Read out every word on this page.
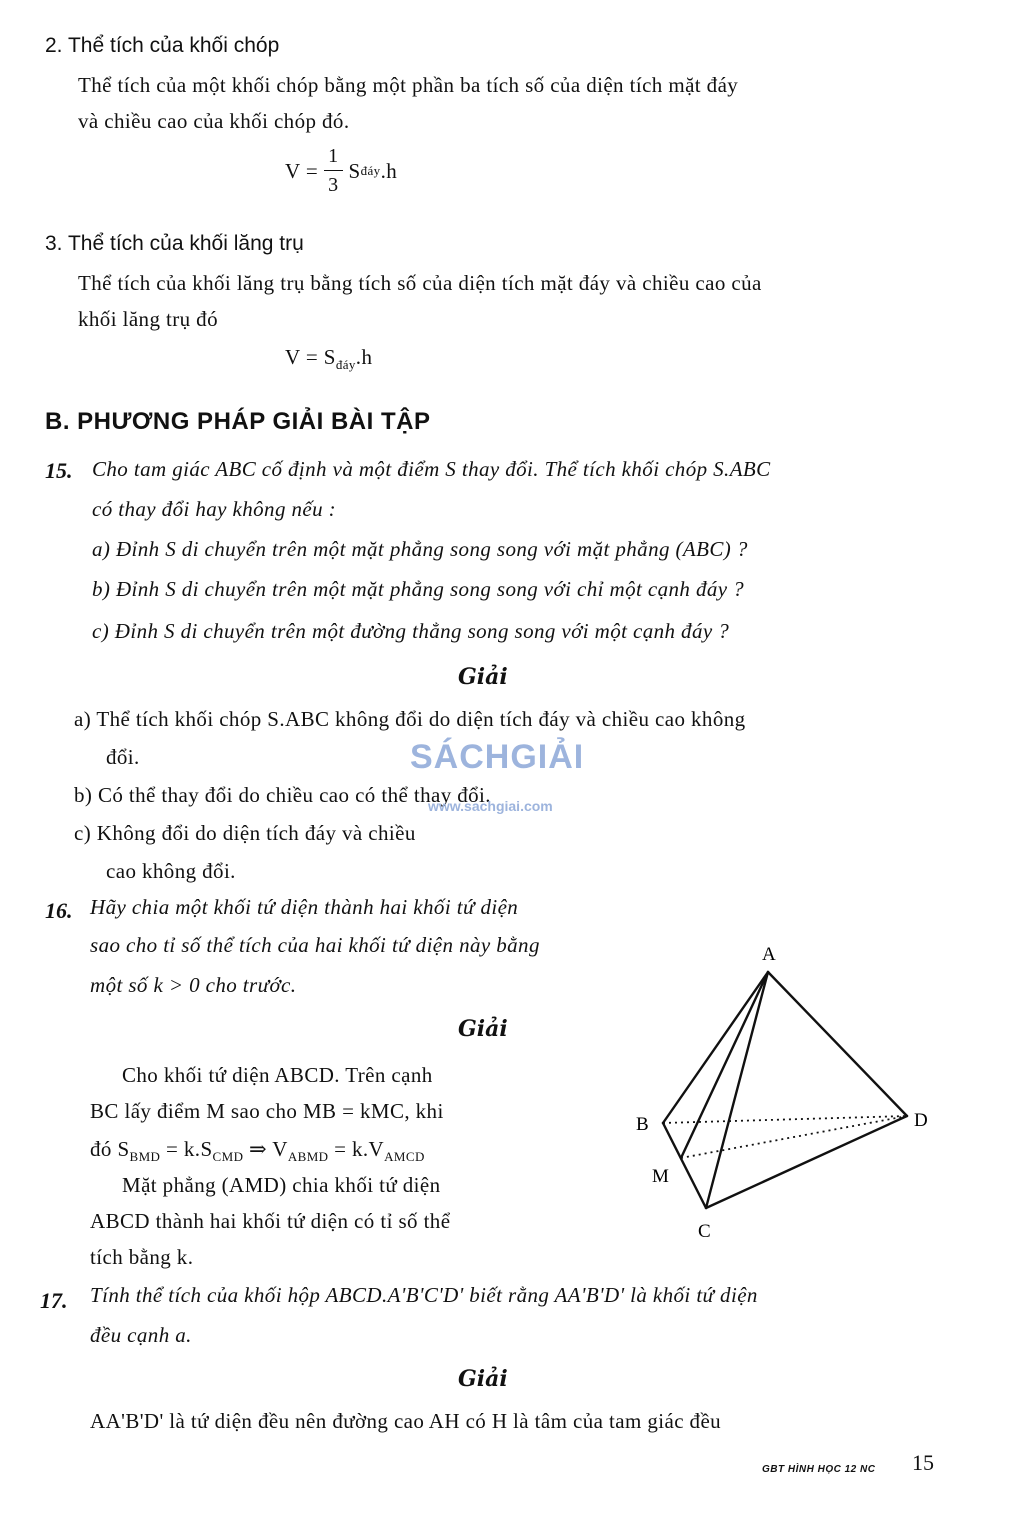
2. Thể tích của khối chóp
Thể tích của một khối chóp bằng một phần ba tích số của diện tích mặt đáy
và chiều cao của khối chóp đó.
$V = \frac{1}{3}$ S đáy .h
3. Thể tích của khối lăng trụ
Thể tích của khối lăng trụ bằng tích số của diện tích mặt đáy và chiều cao của
khối lăng trụ đó
$V = S_{đáy}.h$
B. PHƯƠNG PHÁP GIẢI BÀI TẬP
15. Cho tam giác ABC cố định và một điểm S thay đổi. Thể tích khối chóp S.ABC
có thay đổi hay không nếu :
a) Đỉnh S di chuyển trên một mặt phẳng song song với mặt phẳng (ABC) ?
b) Đỉnh S di chuyển trên một mặt phẳng song song với chỉ một cạnh đáy ?
c) Đỉnh S di chuyển trên một đường thẳng song song với một cạnh đáy ?
Giải
a) Thể tích khối chóp S.ABC không đổi do diện tích đáy và chiều cao không
đổi.
b) Có thể thay đổi do chiều cao có thể thay đổi.
c) Không đổi do diện tích đáy và chiều
cao không đổi.
SÁCHGIẢI
www.sachgiai.com
16. Hãy chia một khối tứ diện thành hai khối tứ diện
sao cho tỉ số thể tích của hai khối tứ diện này bằng
một số k > 0 cho trước.
Giải
Cho khối tứ diện ABCD. Trên cạnh
BC lấy điểm M sao cho MB = kMC, khi
đó $S_{BMD} = k.S_{CMD}$ ⇒ $V_{ABMD} = k.V_{AMCD}$
Mặt phẳng (AMD) chia khối tứ diện
ABCD thành hai khối tứ diện có tỉ số thể
tích bằng k.
A
B	D
M
C
17. Tính thể tích của khối hộp ABCD.A'B'C'D' biết rằng AA'B'D' là khối tứ diện
đều cạnh a.
Giải
AA'B'D' là tứ diện đều nên đường cao AH có H là tâm của tam giác đều
GBT HÌNH HỌC 12 NC 15
